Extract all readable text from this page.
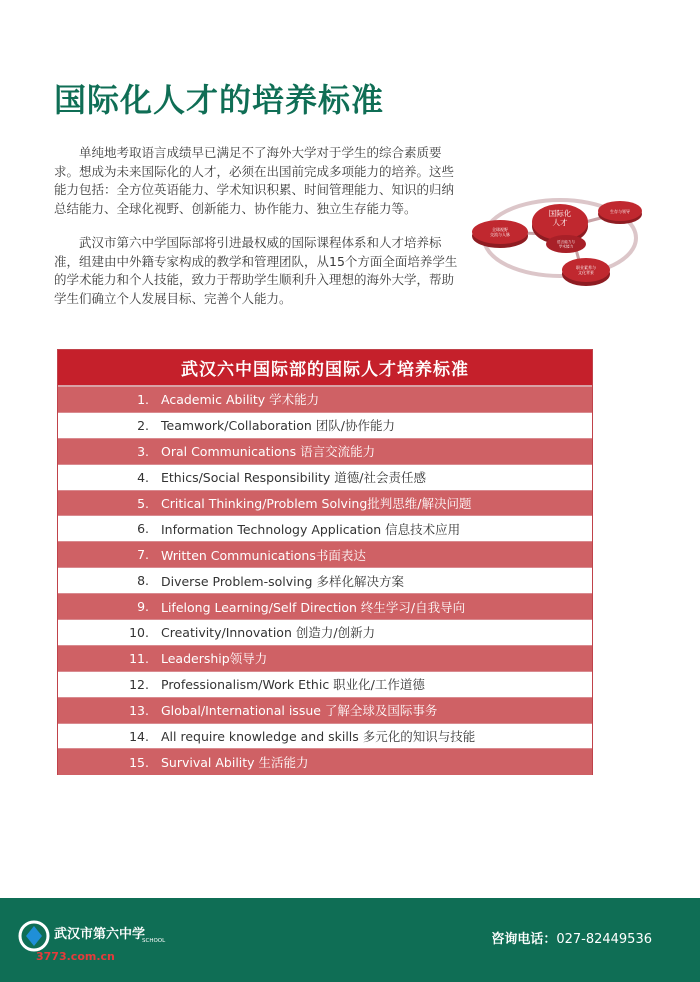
国际化人才的培养标准

单纯地考取语言成绩早已满足不了海外大学对于学生的综合素质要求。想成为未来国际化的人才，必须在出国前完成多项能力的培养。这些能力包括：全方位英语能力、学术知识积累、时间管理能力、知识的归纳总结能力、全球化视野、创新能力、协作能力、独立生存能力等。

武汉市第六中学国际部将引进最权威的国际课程体系和人才培养标准，组建由中外籍专家构成的教学和管理团队，从15个方面全面培养学生的学术能力和个人技能，致力于帮助学生顺利升入理想的海外大学，帮助学生们确立个人发展目标、完善个人能力。

全球视野交流与人脉
生存与领导
职业素养与文化背景
国际化人才
语言能力与学术能力
武汉六中国际部的国际人才培养标准
1. Academic Ability 学术能力
2. Teamwork/Collaboration 团队/协作能力
3. Oral Communications 语言交流能力
4. Ethics/Social Responsibility 道德/社会责任感
5. Critical Thinking/Problem Solving批判思维/解决问题
6. Information Technology Application 信息技术应用
7. Written Communications书面表达
8. Diverse Problem-solving 多样化解决方案
9. Lifelong Learning/Self Direction 终生学习/自我导向
10. Creativity/Innovation 创造力/创新力
11. Leadership领导力
12. Professionalism/Work Ethic 职业化/工作道德
13. Global/International issue 了解全球及国际事务
14. All require knowledge and skills 多元化的知识与技能
15. Survival Ability 生活能力
武汉市第六中学
SCHOOL
3773.com.cn
咨询电话：027-82449536
